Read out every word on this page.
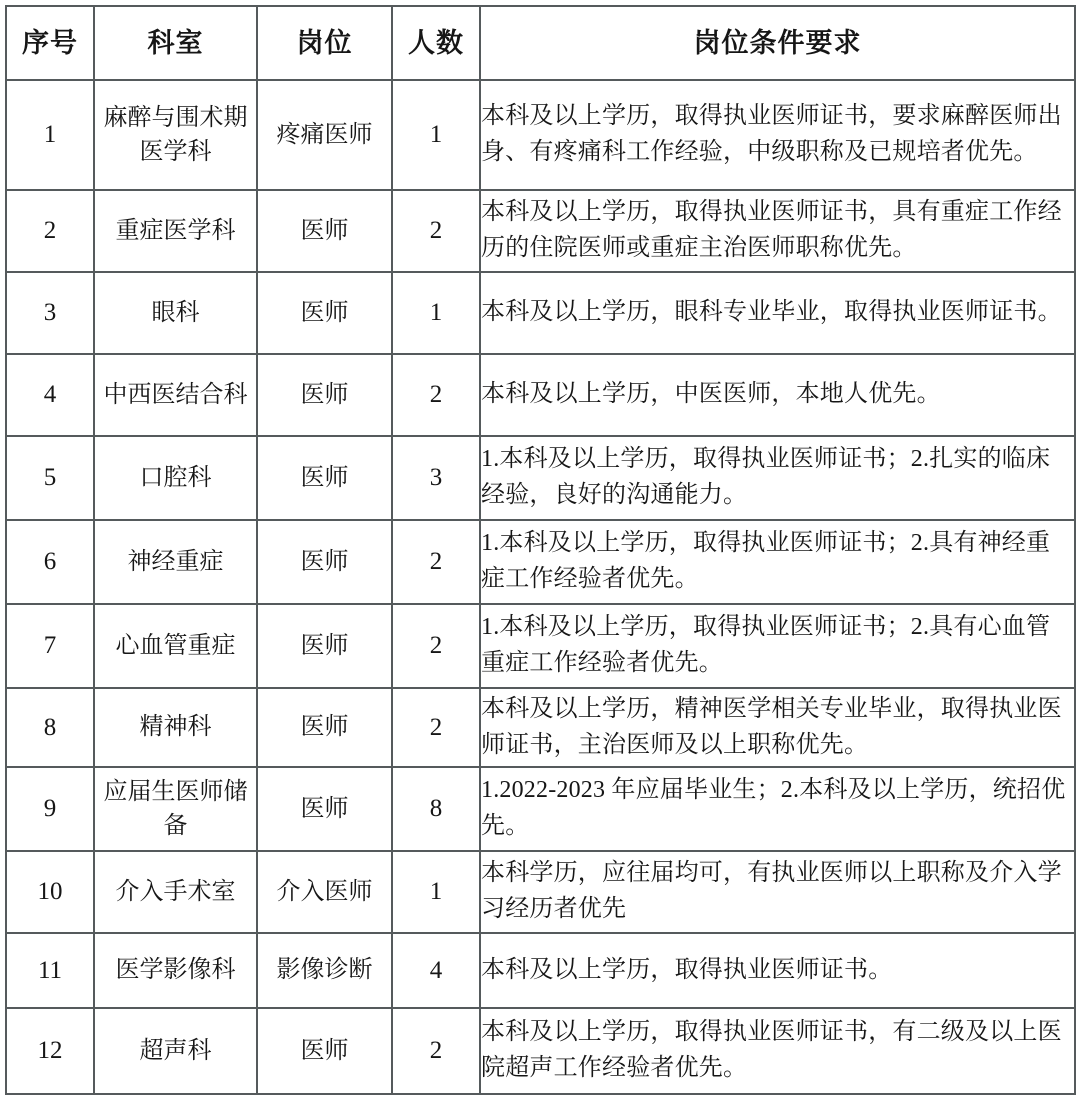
序号	科室	岗位	人数	岗位条件要求
1	麻醉与围术期医学科	疼痛医师	1	本科及以上学历，取得执业医师证书，要求麻醉医师出身、有疼痛科工作经验，中级职称及已规培者优先。
2	重症医学科	医师	2	本科及以上学历，取得执业医师证书，具有重症工作经历的住院医师或重症主治医师职称优先。
3	眼科	医师	1	本科及以上学历，眼科专业毕业，取得执业医师证书。
4	中西医结合科	医师	2	本科及以上学历，中医医师，本地人优先。
5	口腔科	医师	3	1.本科及以上学历，取得执业医师证书；2.扎实的临床经验，良好的沟通能力。
6	神经重症	医师	2	1.本科及以上学历，取得执业医师证书；2.具有神经重症工作经验者优先。
7	心血管重症	医师	2	1.本科及以上学历，取得执业医师证书；2.具有心血管重症工作经验者优先。
8	精神科	医师	2	本科及以上学历，精神医学相关专业毕业，取得执业医师证书，主治医师及以上职称优先。
9	应届生医师储备	医师	8	1.2022-2023 年应届毕业生；2.本科及以上学历，统招优先。
10	介入手术室	介入医师	1	本科学历，应往届均可，有执业医师以上职称及介入学习经历者优先
11	医学影像科	影像诊断	4	本科及以上学历，取得执业医师证书。
12	超声科	医师	2	本科及以上学历，取得执业医师证书，有二级及以上医院超声工作经验者优先。
